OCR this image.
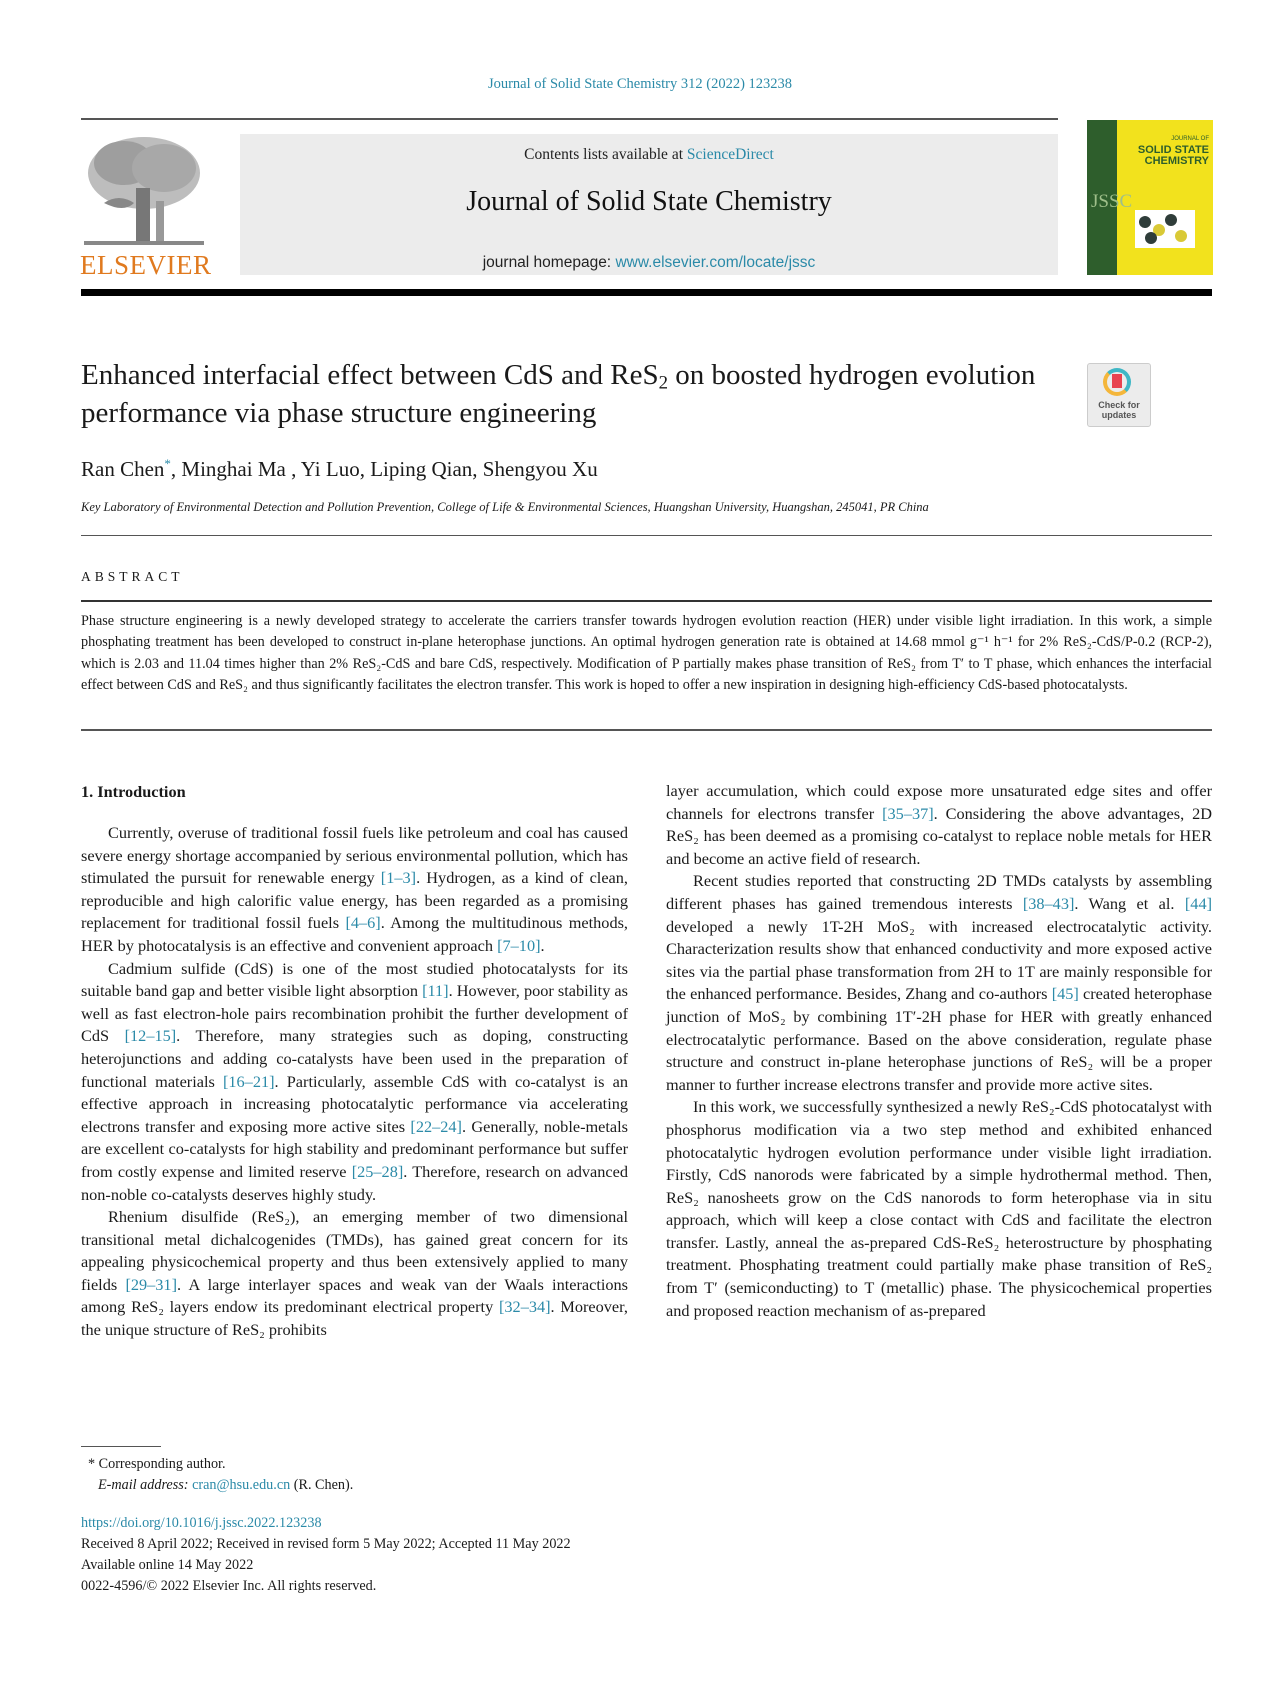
Journal of Solid State Chemistry 312 (2022) 123238
ELSEVIER
Contents lists available at ScienceDirect
Journal of Solid State Chemistry
journal homepage: www.elsevier.com/locate/jssc
JSSC
JOURNAL OF
SOLID STATE
CHEMISTRY
Enhanced interfacial effect between CdS and ReS$_2$ on boosted hydrogen evolution performance via phase structure engineering	Check for updates
Ran Chen*, Minghai Ma , Yi Luo, Liping Qian, Shengyou Xu
Key Laboratory of Environmental Detection and Pollution Prevention, College of Life & Environmental Sciences, Huangshan University, Huangshan, 245041, PR China
ABSTRACT
Phase structure engineering is a newly developed strategy to accelerate the carriers transfer towards hydrogen evolution reaction (HER) under visible light irradiation. In this work, a simple phosphating treatment has been developed to construct in-plane heterophase junctions. An optimal hydrogen generation rate is obtained at 14.68 mmol g⁻¹ h⁻¹ for 2% ReS₂-CdS/P-0.2 (RCP-2), which is 2.03 and 11.04 times higher than 2% ReS₂-CdS and bare CdS, respectively. Modification of P partially makes phase transition of ReS₂ from T′ to T phase, which enhances the interfacial effect between CdS and ReS₂ and thus significantly facilitates the electron transfer. This work is hoped to offer a new inspiration in designing high-efficiency CdS-based photocatalysts.
1. Introduction

Currently, overuse of traditional fossil fuels like petroleum and coal has caused severe energy shortage accompanied by serious environmental pollution, which has stimulated the pursuit for renewable energy [1–3]. Hydrogen, as a kind of clean, reproducible and high calorific value energy, has been regarded as a promising replacement for traditional fossil fuels [4–6]. Among the multitudinous methods, HER by photocatalysis is an effective and convenient approach [7–10].

Cadmium sulfide (CdS) is one of the most studied photocatalysts for its suitable band gap and better visible light absorption [11]. However, poor stability as well as fast electron-hole pairs recombination prohibit the further development of CdS [12–15]. Therefore, many strategies such as doping, constructing heterojunctions and adding co-catalysts have been used in the preparation of functional materials [16–21]. Particularly, assemble CdS with co-catalyst is an effective approach in increasing photocatalytic performance via accelerating electrons transfer and exposing more active sites [22–24]. Generally, noble-metals are excellent co-catalysts for high stability and predominant performance but suffer from costly expense and limited reserve [25–28]. Therefore, research on advanced non-noble co-catalysts deserves highly study.

Rhenium disulfide (ReS₂), an emerging member of two dimensional transitional metal dichalcogenides (TMDs), has gained great concern for its appealing physicochemical property and thus been extensively applied to many fields [29–31]. A large interlayer spaces and weak van der Waals interactions among ReS₂ layers endow its predominant electrical property [32–34]. Moreover, the unique structure of ReS₂ prohibits

layer accumulation, which could expose more unsaturated edge sites and offer channels for electrons transfer [35–37]. Considering the above advantages, 2D ReS₂ has been deemed as a promising co-catalyst to replace noble metals for HER and become an active field of research.

Recent studies reported that constructing 2D TMDs catalysts by assembling different phases has gained tremendous interests [38–43]. Wang et al. [44] developed a newly 1T-2H MoS₂ with increased electrocatalytic activity. Characterization results show that enhanced conductivity and more exposed active sites via the partial phase transformation from 2H to 1T are mainly responsible for the enhanced performance. Besides, Zhang and co-authors [45] created heterophase junction of MoS₂ by combining 1T′-2H phase for HER with greatly enhanced electrocatalytic performance. Based on the above consideration, regulate phase structure and construct in-plane heterophase junctions of ReS₂ will be a proper manner to further increase electrons transfer and provide more active sites.

In this work, we successfully synthesized a newly ReS₂-CdS photocatalyst with phosphorus modification via a two step method and exhibited enhanced photocatalytic hydrogen evolution performance under visible light irradiation. Firstly, CdS nanorods were fabricated by a simple hydrothermal method. Then, ReS₂ nanosheets grow on the CdS nanorods to form heterophase via in situ approach, which will keep a close contact with CdS and facilitate the electron transfer. Lastly, anneal the as-prepared CdS-ReS₂ heterostructure by phosphating treatment. Phosphating treatment could partially make phase transition of ReS₂ from T′ (semiconducting) to T (metallic) phase. The physicochemical properties and proposed reaction mechanism of as-prepared

* Corresponding author.
E-mail address: cran@hsu.edu.cn (R. Chen).
https://doi.org/10.1016/j.jssc.2022.123238
Received 8 April 2022; Received in revised form 5 May 2022; Accepted 11 May 2022
Available online 14 May 2022
0022-4596/© 2022 Elsevier Inc. All rights reserved.
